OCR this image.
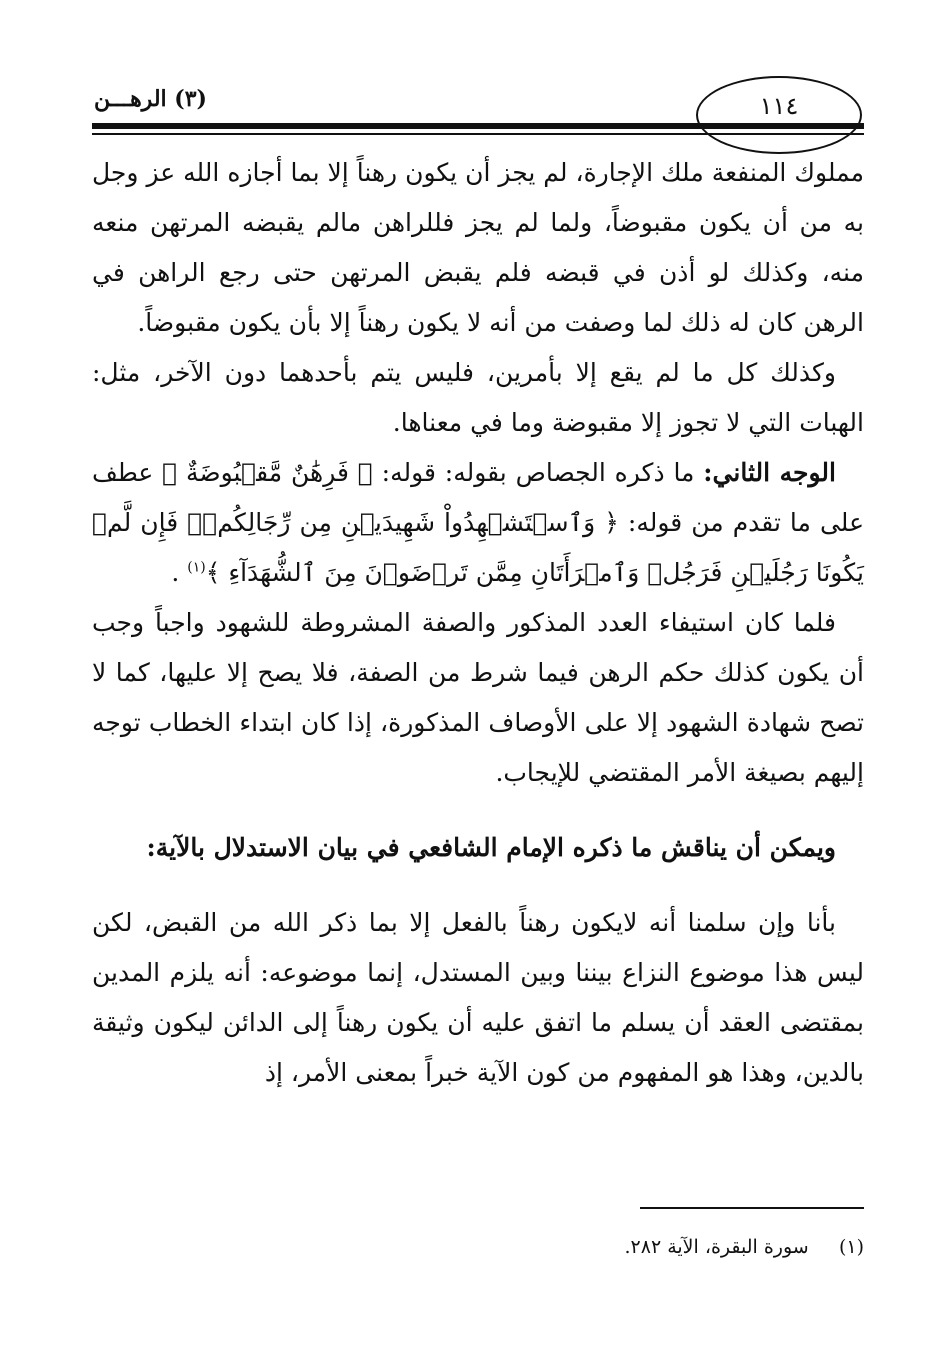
(٣) الرهـــن	١١٤

مملوك المنفعة ملك الإجارة، لم يجز أن يكون رهناً إلا بما أجازه الله عز وجل به من أن يكون مقبوضاً، ولما لم يجز فللراهن مالم يقبضه المرتهن منعه منه، وكذلك لو أذن في قبضه فلم يقبض المرتهن حتى رجع الراهن في الرهن كان له ذلك لما وصفت من أنه لا يكون رهناً إلا بأن يكون مقبوضاً.

وكذلك كل ما لم يقع إلا بأمرين، فليس يتم بأحدهما دون الآخر، مثل: الهبات التي لا تجوز إلا مقبوضة وما في معناها.

الوجه الثاني: ما ذكره الجصاص بقوله: قوله: ﴿ فَرِهَٰنٌ مَّقۡبُوضَةٌ ﴾ عطف على ما تقدم من قوله: ﴿ وَٱسۡتَشۡهِدُواْ شَهِيدَيۡنِ مِن رِّجَالِكُمۡۖ فَإِن لَّمۡ يَكُونَا رَجُلَيۡنِ فَرَجُلٞ وَٱمۡرَأَتَانِ مِمَّن تَرۡضَوۡنَ مِنَ ٱلشُّهَدَآءِ ﴾$^{(١)}$ .

فلما كان استيفاء العدد المذكور والصفة المشروطة للشهود واجباً وجب أن يكون كذلك حكم الرهن فيما شرط من الصفة، فلا يصح إلا عليها، كما لا تصح شهادة الشهود إلا على الأوصاف المذكورة، إذا كان ابتداء الخطاب توجه إليهم بصيغة الأمر المقتضي للإيجاب.

ويمكن أن يناقش ما ذكره الإمام الشافعي في بيان الاستدلال بالآية:

بأنا وإن سلمنا أنه لايكون رهناً بالفعل إلا بما ذكر الله من القبض، لكن ليس هذا موضوع النزاع بيننا وبين المستدل، إنما موضوعه: أنه يلزم المدين بمقتضى العقد أن يسلم ما اتفق عليه أن يكون رهناً إلى الدائن ليكون وثيقة بالدين، وهذا هو المفهوم من كون الآية خبراً بمعنى الأمر، إذ

(١)     سورة البقرة، الآية ٢٨٢.
